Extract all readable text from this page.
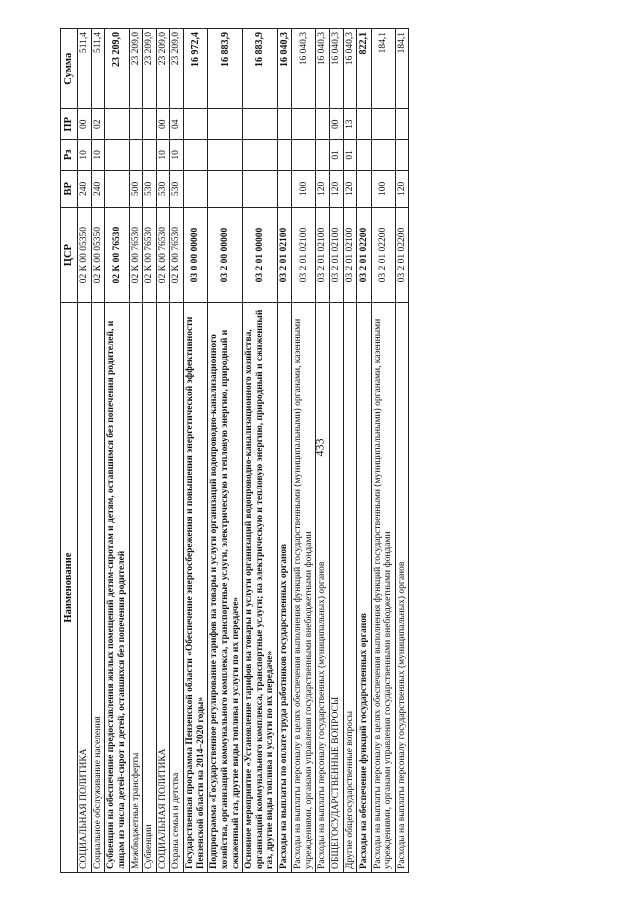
433
Наименование	ЦСР	ВР	Рз	ПР	Сумма
СОЦИАЛЬНАЯ ПОЛИТИКА	02 К 00 05350	240	10	00	511,4
Социальное обслуживание населения	02 К 00 05350	240	10	02	511,4
Субвенции на обеспечение предоставления жилых помещений детям-сиротам и детям, оставшимся без попечения родителей, и лицам из числа детей-сирот и детей, оставшихся без попечения родителей	02 К 00 76530				23 209,0
Межбюджетные трансферты	02 К 00 76530	500			23 209,0
Субвенции	02 К 00 76530	530			23 209,0
СОЦИАЛЬНАЯ ПОЛИТИКА	02 К 00 76530	530	10	00	23 209,0
Охрана семьи и детства	02 К 00 76530	530	10	04	23 209,0
Государственная программа Пензенской области «Обеспечение энергосбережения и повышения энергетической эффективности Пензенской области на 2014–2020 годы»	03 0 00 00000				16 972,4
Подпрограмма «Государственное регулирование тарифов на товары и услуги организаций водопроводно-канализационного хозяйства, организаций коммунального комплекса, транспортные услуги, электрическую и тепловую энергию, природный и сжиженный газ, другие виды топлива и услуги по их передаче»	03 2 00 00000				16 883,9
Основное мероприятие «Установление тарифов на товары и услуги организаций водопроводно-канализационного хозяйства, организаций коммунального комплекса, транспортные услуги; на электрическую и тепловую энергию, природный и сжиженный газ, другие виды топлива и услуги по их передаче»	03 2 01 00000				16 883,9
Расходы на выплаты по оплате труда работников государственных органов	03 2 01 02100				16 040,3
Расходы на выплаты персоналу в целях обеспечения выполнения функций государственными (муниципальными) органами, казенными учреждениями, органами управления государственными внебюджетными фондами	03 2 01 02100	100			16 040,3
Расходы на выплаты персоналу государственных (муниципальных) органов	03 2 01 02100	120			16 040,3
ОБЩЕГОСУДАРСТВЕННЫЕ ВОПРОСЫ	03 2 01 02100	120	01	00	16 040,3
Другие общегосударственные вопросы	03 2 01 02100	120	01	13	16 040,3
Расходы на обеспечение функций государственных органов	03 2 01 02200				822,1
Расходы на выплаты персоналу в целях обеспечения выполнения функций государственными (муниципальными) органами, казенными учреждениями, органами управления государственными внебюджетными фондами	03 2 01 02200	100			184,1
Расходы на выплаты персоналу государственных (муниципальных) органов	03 2 01 02200	120			184,1
